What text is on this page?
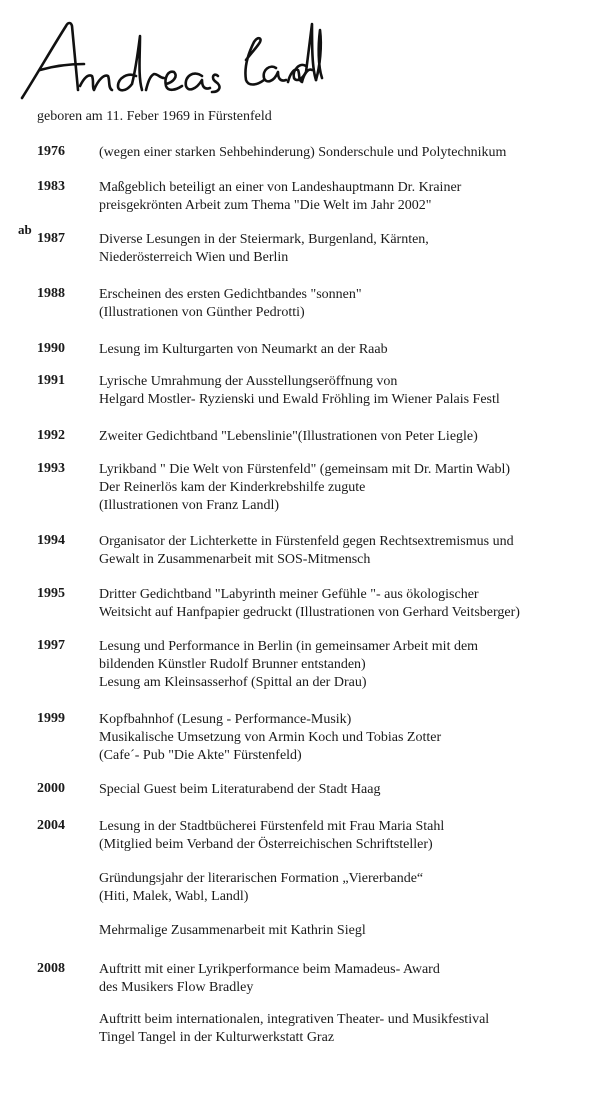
geboren am 11. Feber 1969 in Fürstenfeld
1976 (wegen einer starken Sehbehinderung) Sonderschule und Polytechnikum
1983 Maßgeblich beteiligt an einer von Landeshauptmann Dr. Krainer
preisgekrönten Arbeit zum Thema "Die Welt im Jahr 2002"
ab
1987 Diverse Lesungen in der Steiermark, Burgenland, Kärnten,
Niederösterreich Wien und Berlin
1988 Erscheinen des ersten Gedichtbandes "sonnen"
(Illustrationen von Günther Pedrotti)
1990 Lesung im Kulturgarten von Neumarkt an der Raab
1991 Lyrische Umrahmung der Ausstellungseröffnung von
Helgard Mostler- Ryzienski und Ewald Fröhling im Wiener Palais Festl
1992 Zweiter Gedichtband "Lebenslinie"(Illustrationen von Peter Liegle)
1993 Lyrikband " Die Welt von Fürstenfeld" (gemeinsam mit Dr. Martin Wabl)
Der Reinerlös kam der Kinderkrebshilfe zugute
(Illustrationen von Franz Landl)
1994 Organisator der Lichterkette in Fürstenfeld gegen Rechtsextremismus und
Gewalt in Zusammenarbeit mit SOS-Mitmensch
1995 Dritter Gedichtband "Labyrinth meiner Gefühle "- aus ökologischer
Weitsicht auf Hanfpapier gedruckt (Illustrationen von Gerhard Veitsberger)
1997 Lesung und Performance in Berlin (in gemeinsamer Arbeit mit dem
bildenden Künstler Rudolf Brunner entstanden)
Lesung am Kleinsasserhof (Spittal an der Drau)
1999 Kopfbahnhof (Lesung - Performance-Musik)
Musikalische Umsetzung von Armin Koch und Tobias Zotter
(Cafe´- Pub "Die Akte" Fürstenfeld)
2000 Special Guest beim Literaturabend der Stadt Haag
2004 Lesung in der Stadtbücherei Fürstenfeld mit Frau Maria Stahl
(Mitglied beim Verband der Österreichischen Schriftsteller)
Gründungsjahr der literarischen Formation „Viererbande“
(Hiti, Malek, Wabl, Landl)
Mehrmalige Zusammenarbeit mit Kathrin Siegl
2008 Auftritt mit einer Lyrikperformance beim Mamadeus- Award
des Musikers Flow Bradley
Auftritt beim internationalen, integrativen Theater- und Musikfestival
Tingel Tangel in der Kulturwerkstatt Graz
